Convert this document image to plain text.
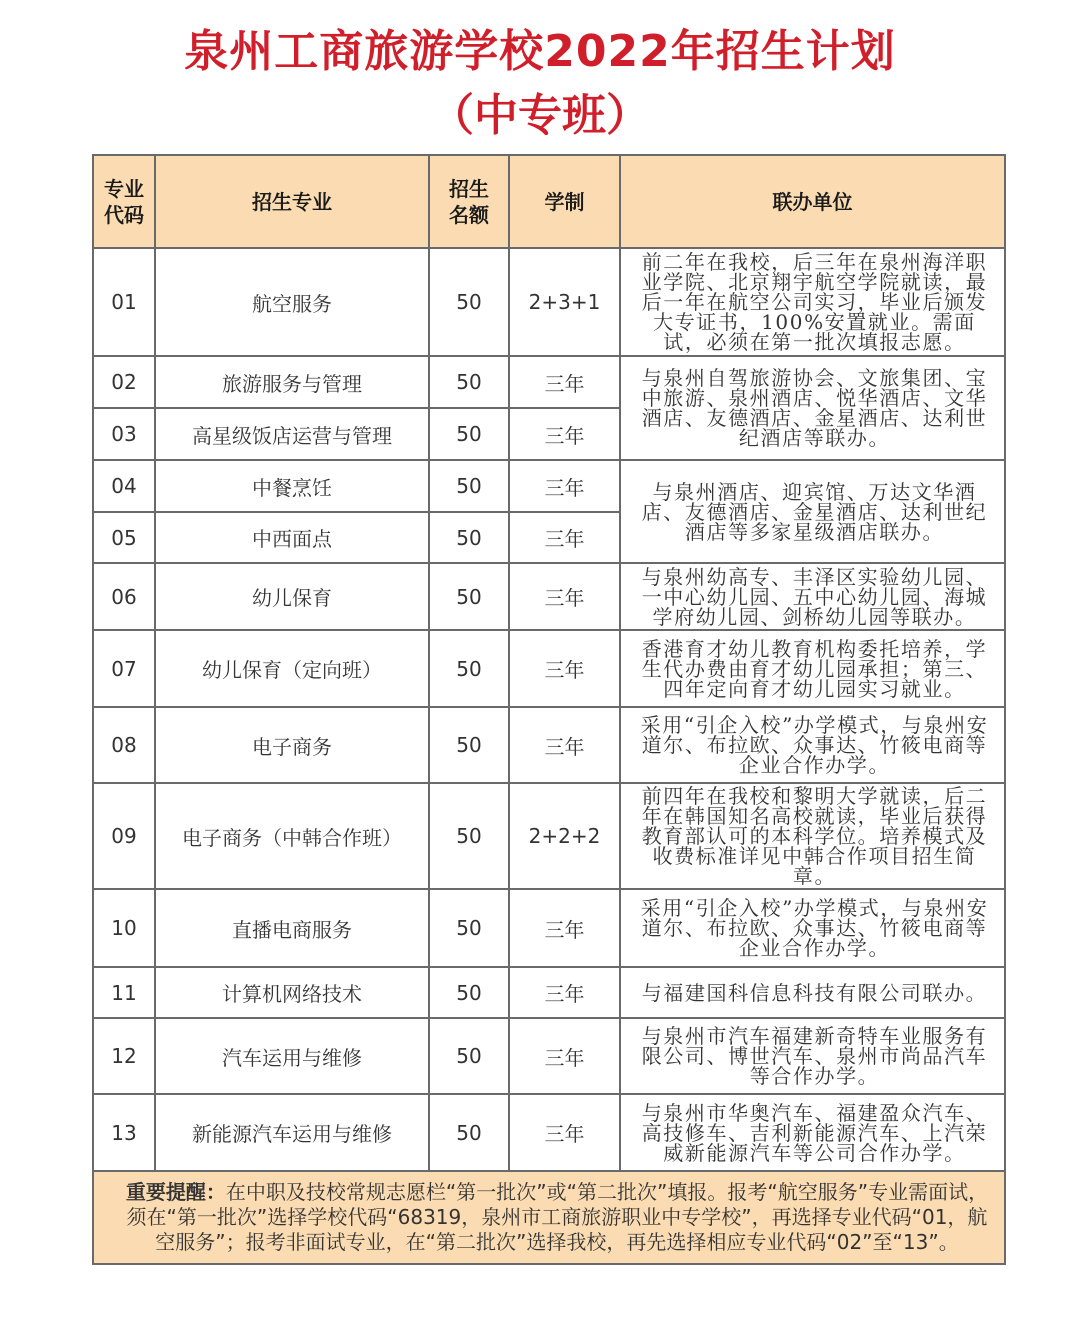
泉州工商旅游学校2022年招生计划
（中专班）
专业代码	招生专业	招生名额	学制	联办单位
01	航空服务	50	2+3+1	前二年在我校，后三年在泉州海洋职业学院、北京翔宇航空学院就读，最后一年在航空公司实习，毕业后颁发大专证书，100%安置就业。需面试，必须在第一批次填报志愿。
02	旅游服务与管理	50	三年	与泉州自驾旅游协会、文旅集团、宝中旅游、泉州酒店、悦华酒店、文华酒店、友德酒店、金星酒店、达利世纪酒店等联办。
03	高星级饭店运营与管理	50	三年	
04	中餐烹饪	50	三年	与泉州酒店、迎宾馆、万达文华酒店、友德酒店、金星酒店、达利世纪酒店等多家星级酒店联办。
05	中西面点	50	三年	
06	幼儿保育	50	三年	与泉州幼高专、丰泽区实验幼儿园、一中心幼儿园、五中心幼儿园、海城学府幼儿园、剑桥幼儿园等联办。
07	幼儿保育（定向班）	50	三年	香港育才幼儿教育机构委托培养，学生代办费由育才幼儿园承担；第三、四年定向育才幼儿园实习就业。
08	电子商务	50	三年	采用“引企入校”办学模式，与泉州安道尔、布拉欧、众事达、竹筱电商等企业合作办学。
09	电子商务（中韩合作班）	50	2+2+2	前四年在我校和黎明大学就读，后二年在韩国知名高校就读，毕业后获得教育部认可的本科学位。培养模式及收费标准详见中韩合作项目招生简章。
10	直播电商服务	50	三年	采用“引企入校”办学模式，与泉州安道尔、布拉欧、众事达、竹筱电商等企业合作办学。
11	计算机网络技术	50	三年	与福建国科信息科技有限公司联办。
12	汽车运用与维修	50	三年	与泉州市汽车福建新奇特车业服务有限公司、博世汽车、泉州市尚品汽车等合作办学。
13	新能源汽车运用与维修	50	三年	与泉州市华奥汽车、福建盈众汽车、高技修车、吉利新能源汽车、上汽荣威新能源汽车等公司合作办学。
重要提醒：在中职及技校常规志愿栏“第一批次”或“第二批次”填报。报考“航空服务”专业需面试，须在“第一批次”选择学校代码“68319，泉州市工商旅游职业中专学校”，再选择专业代码“01，航空服务”；报考非面试专业，在“第二批次”选择我校，再先选择相应专业代码“02”至“13”。				
